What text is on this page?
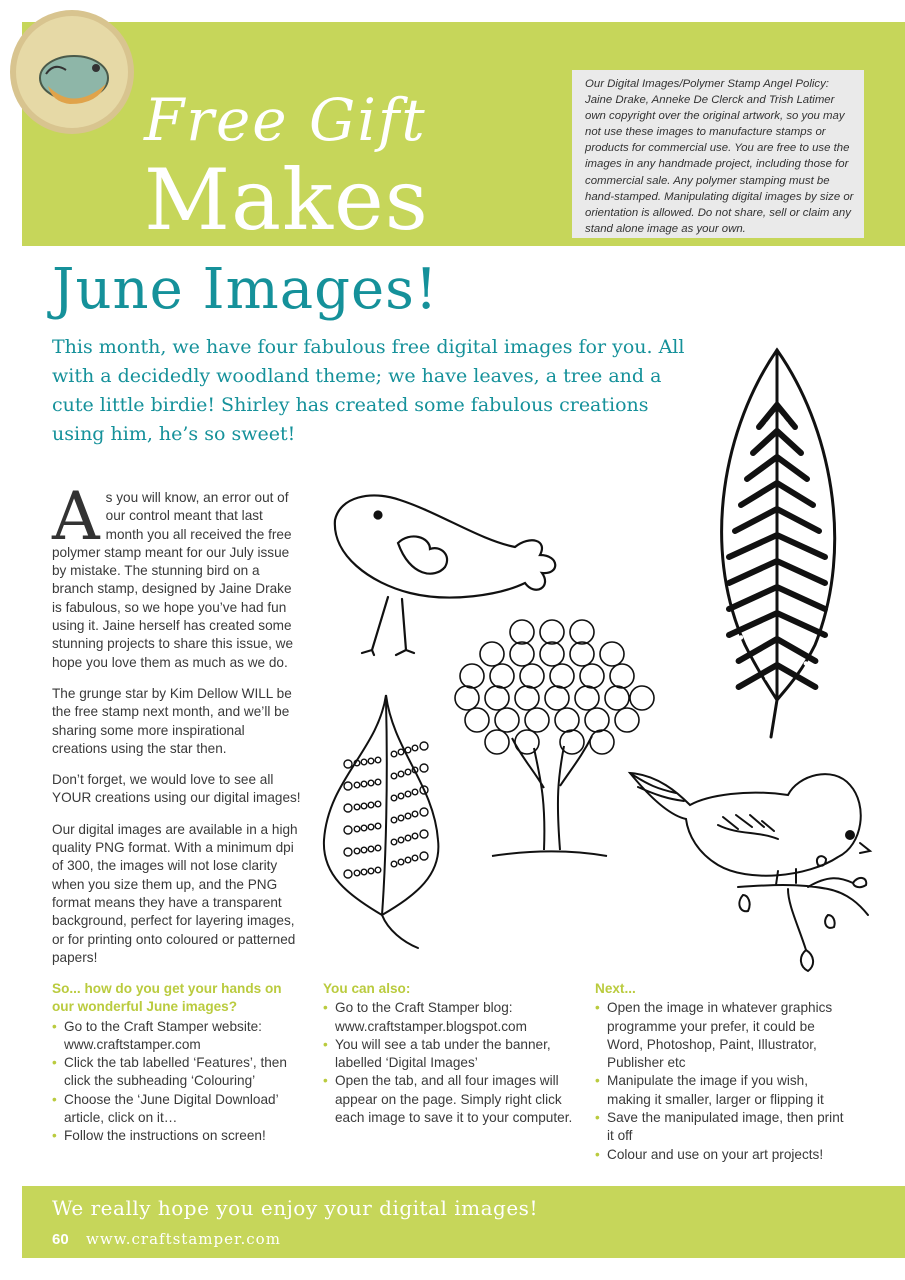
Free Gift
Makes
Our Digital Images/Polymer Stamp Angel Policy: Jaine Drake, Anneke De Clerck and Trish Latimer own copyright over the original artwork, so you may not use these images to manufacture stamps or products for commercial use. You are free to use the images in any handmade project, including those for commercial sale. Any polymer stamping must be hand-stamped. Manipulating digital images by size or orientation is allowed. Do not share, sell or claim any stand alone image as your own.
June Images!
This month, we have four fabulous free digital images for you. All with a decidedly woodland theme; we have leaves, a tree and a cute little birdie! Shirley has created some fabulous creations using him, he’s so sweet!

As you will know, an error out of our control meant that last month you all received the free polymer stamp meant for our July issue by mistake. The stunning bird on a branch stamp, designed by Jaine Drake is fabulous, so we hope you’ve had fun using it. Jaine herself has created some stunning projects to share this issue, we hope you love them as much as we do.

The grunge star by Kim Dellow WILL be the free stamp next month, and we’ll be sharing some more inspirational creations using the star then.

Don’t forget, we would love to see all YOUR creations using our digital images!

Our digital images are available in a high quality PNG format. With a minimum dpi of 300, the images will not lose clarity when you size them up, and the PNG format means they have a transparent background, perfect for layering images, or for printing onto coloured or patterned papers!

So... how do you get your hands on our wonderful June images?
• Go to the Craft Stamper website: www.craftstamper.com
• Click the tab labelled ‘Features’, then click the subheading ‘Colouring’
• Choose the ‘June Digital Download’ article, click on it…
• Follow the instructions on screen!
You can also:
• Go to the Craft Stamper blog: www.craftstamper.blogspot.com
• You will see a tab under the banner, labelled ‘Digital Images’
• Open the tab, and all four images will appear on the page. Simply right click each image to save it to your computer.
Next...
• Open the image in whatever graphics programme your prefer, it could be Word, Photoshop, Paint, Illustrator, Publisher etc
• Manipulate the image if you wish, making it smaller, larger or flipping it
• Save the manipulated image, then print it off
• Colour and use on your art projects!
We really hope you enjoy your digital images!
60 www.craftstamper.com
